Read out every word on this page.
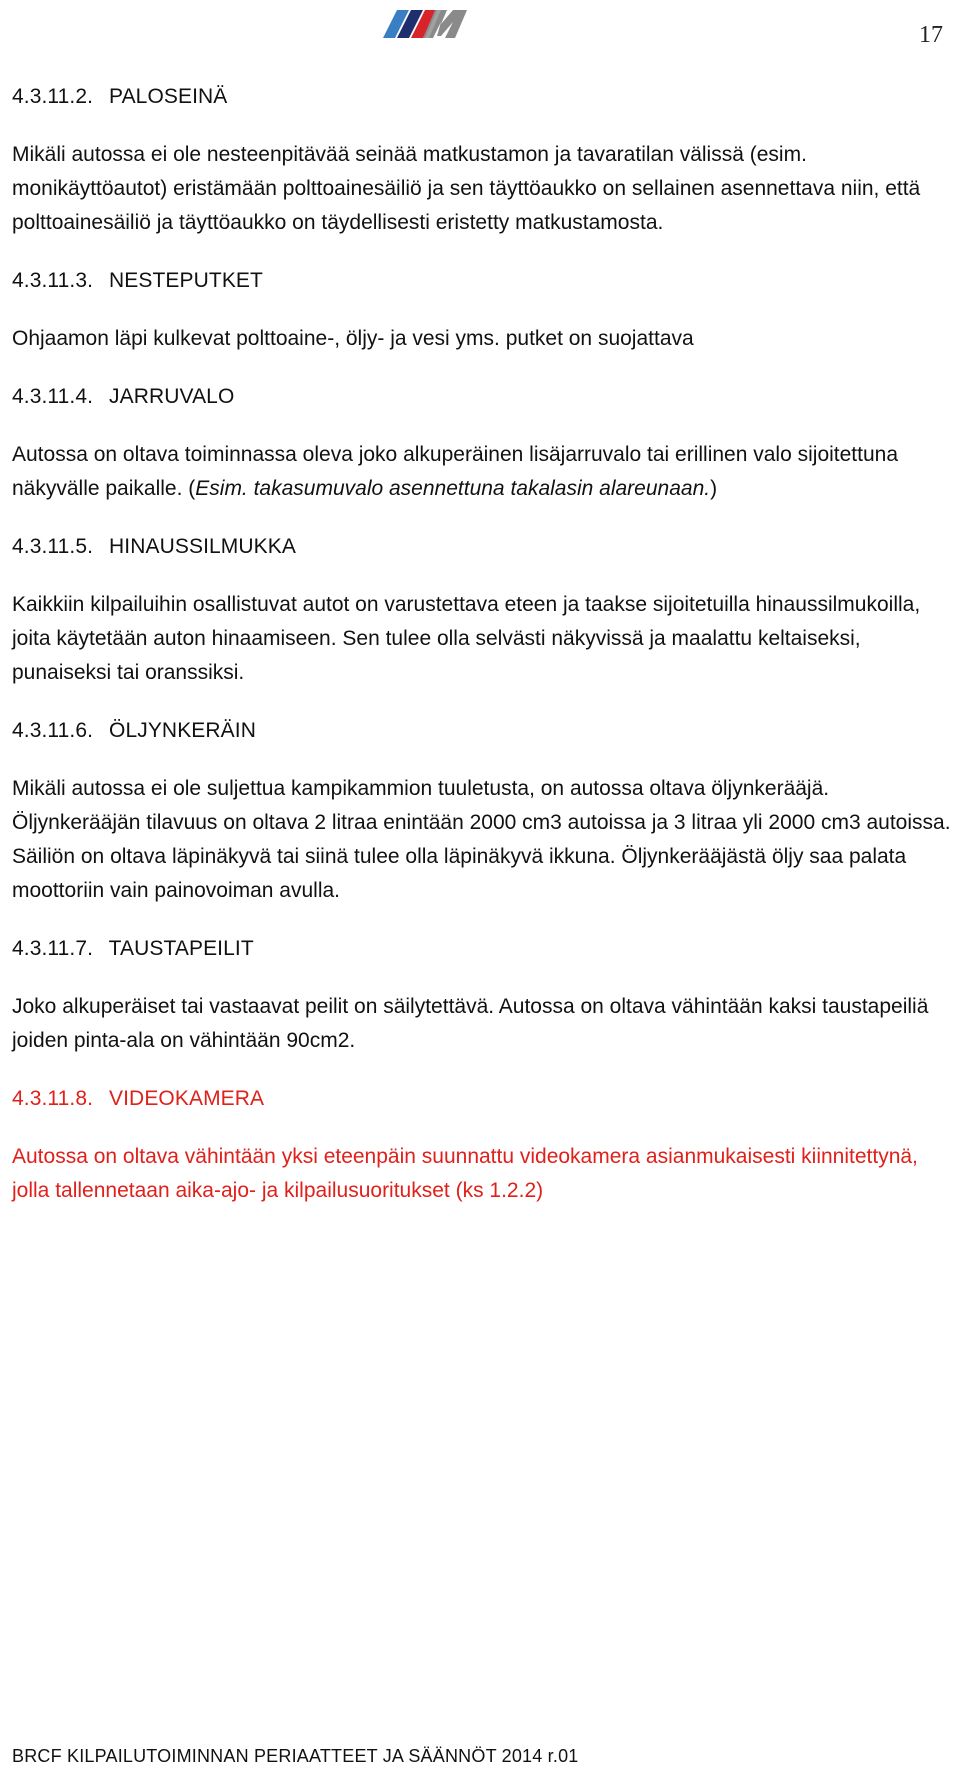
17
4.3.11.2. PALOSEINÄ

Mikäli autossa ei ole nesteenpitävää seinää matkustamon ja tavaratilan välissä (esim. monikäyttöautot) eristämään polttoainesäiliö ja sen täyttöaukko on sellainen asennettava niin, että polttoainesäiliö ja täyttöaukko on täydellisesti eristetty matkustamosta.

4.3.11.3. NESTEPUTKET

Ohjaamon läpi kulkevat polttoaine-, öljy- ja vesi yms. putket on suojattava

4.3.11.4. JARRUVALO

Autossa on oltava toiminnassa oleva joko alkuperäinen lisäjarruvalo tai erillinen valo sijoitettuna näkyvälle paikalle. (Esim. takasumuvalo asennettuna takalasin alareunaan.)

4.3.11.5. HINAUSSILMUKKA

Kaikkiin kilpailuihin osallistuvat autot on varustettava eteen ja taakse sijoitetuilla hinaussilmukoilla, joita käytetään auton hinaamiseen. Sen tulee olla selvästi näkyvissä ja maalattu keltaiseksi, punaiseksi tai oranssiksi.

4.3.11.6. ÖLJYNKERÄIN

Mikäli autossa ei ole suljettua kampikammion tuuletusta, on autossa oltava öljynkerääjä. Öljynkerääjän tilavuus on oltava 2 litraa enintään 2000 cm3 autoissa ja 3 litraa yli 2000 cm3 autoissa. Säiliön on oltava läpinäkyvä tai siinä tulee olla läpinäkyvä ikkuna. Öljynkerääjästä öljy saa palata moottoriin vain painovoiman avulla.

4.3.11.7. TAUSTAPEILIT

Joko alkuperäiset tai vastaavat peilit on säilytettävä. Autossa on oltava vähintään kaksi taustapeiliä joiden pinta-ala on vähintään 90cm2.

4.3.11.8. VIDEOKAMERA

Autossa on oltava vähintään yksi eteenpäin suunnattu videokamera asianmukaisesti kiinnitettynä, jolla tallennetaan aika-ajo- ja kilpailusuoritukset (ks 1.2.2)

BRCF KILPAILUTOIMINNAN PERIAATTEET JA SÄÄNNÖT 2014 r.01
